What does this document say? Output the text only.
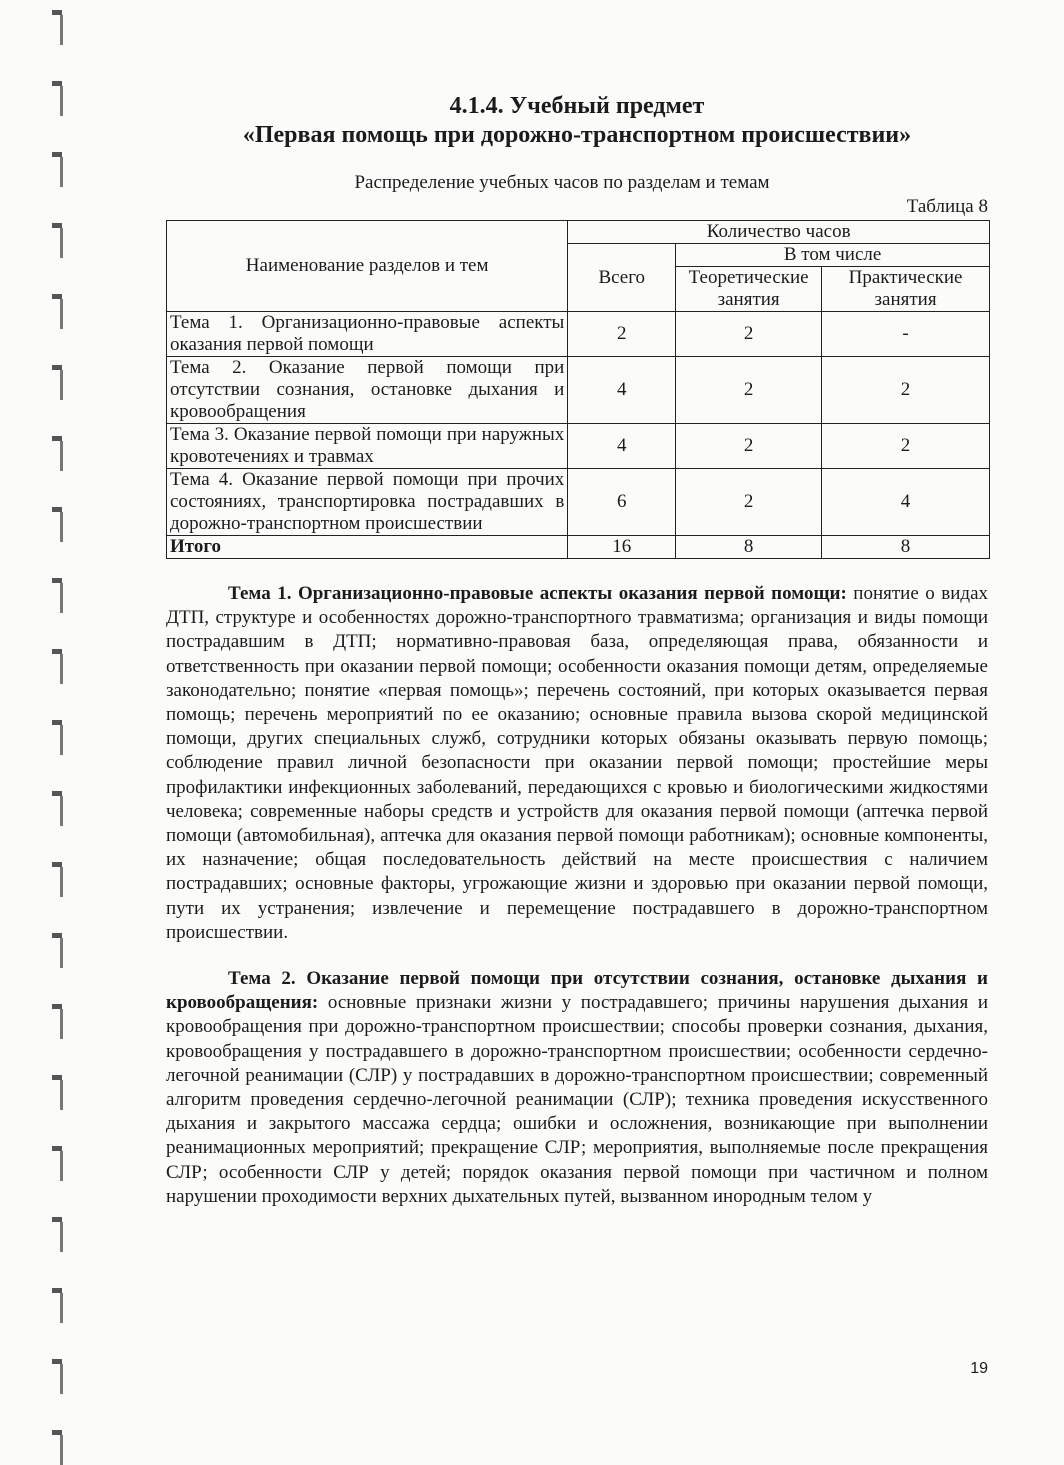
4.1.4. Учебный предмет
«Первая помощь при дорожно-транспортном происшествии»
Распределение учебных часов по разделам и темам
Таблица 8
Наименование разделов и тем	Количество часов		
	Всего	В том числе	
		Теоретические занятия	Практические занятия
Тема 1. Организационно-правовые аспекты оказания первой помощи	2	2	-
Тема 2. Оказание первой помощи при отсутствии сознания, остановке дыхания и кровообращения	4	2	2
Тема 3. Оказание первой помощи при наружных кровотечениях и травмах	4	2	2
Тема 4. Оказание первой помощи при прочих состояниях, транспортировка пострадавших в дорожно-транспортном происшествии	6	2	4
Итого	16	8	8

Тема 1. Организационно-правовые аспекты оказания первой помощи: понятие о видах ДТП, структуре и особенностях дорожно-транспортного травматизма; организация и виды помощи пострадавшим в ДТП; нормативно-правовая база, определяющая права, обязанности и ответственность при оказании первой помощи; особенности оказания помощи детям, определяемые законодательно; понятие «первая помощь»; перечень состояний, при которых оказывается первая помощь; перечень мероприятий по ее оказанию; основные правила вызова скорой медицинской помощи, других специальных служб, сотрудники которых обязаны оказывать первую помощь; соблюдение правил личной безопасности при оказании первой помощи; простейшие меры профилактики инфекционных заболеваний, передающихся с кровью и биологическими жидкостями человека; современные наборы средств и устройств для оказания первой помощи (аптечка первой помощи (автомобильная), аптечка для оказания первой помощи работникам); основные компоненты, их назначение; общая последовательность действий на месте происшествия с наличием пострадавших; основные факторы, угрожающие жизни и здоровью при оказании первой помощи, пути их устранения; извлечение и перемещение пострадавшего в дорожно-транспортном происшествии.

Тема 2. Оказание первой помощи при отсутствии сознания, остановке дыхания и кровообращения: основные признаки жизни у пострадавшего; причины нарушения дыхания и кровообращения при дорожно-транспортном происшествии; способы проверки сознания, дыхания, кровообращения у пострадавшего в дорожно-транспортном происшествии; особенности сердечно-легочной реанимации (СЛР) у пострадавших в дорожно-транспортном происшествии; современный алгоритм проведения сердечно-легочной реанимации (СЛР); техника проведения искусственного дыхания и закрытого массажа сердца; ошибки и осложнения, возникающие при выполнении реанимационных мероприятий; прекращение СЛР; мероприятия, выполняемые после прекращения СЛР; особенности СЛР у детей; порядок оказания первой помощи при частичном и полном нарушении проходимости верхних дыхательных путей, вызванном инородным телом у

19
